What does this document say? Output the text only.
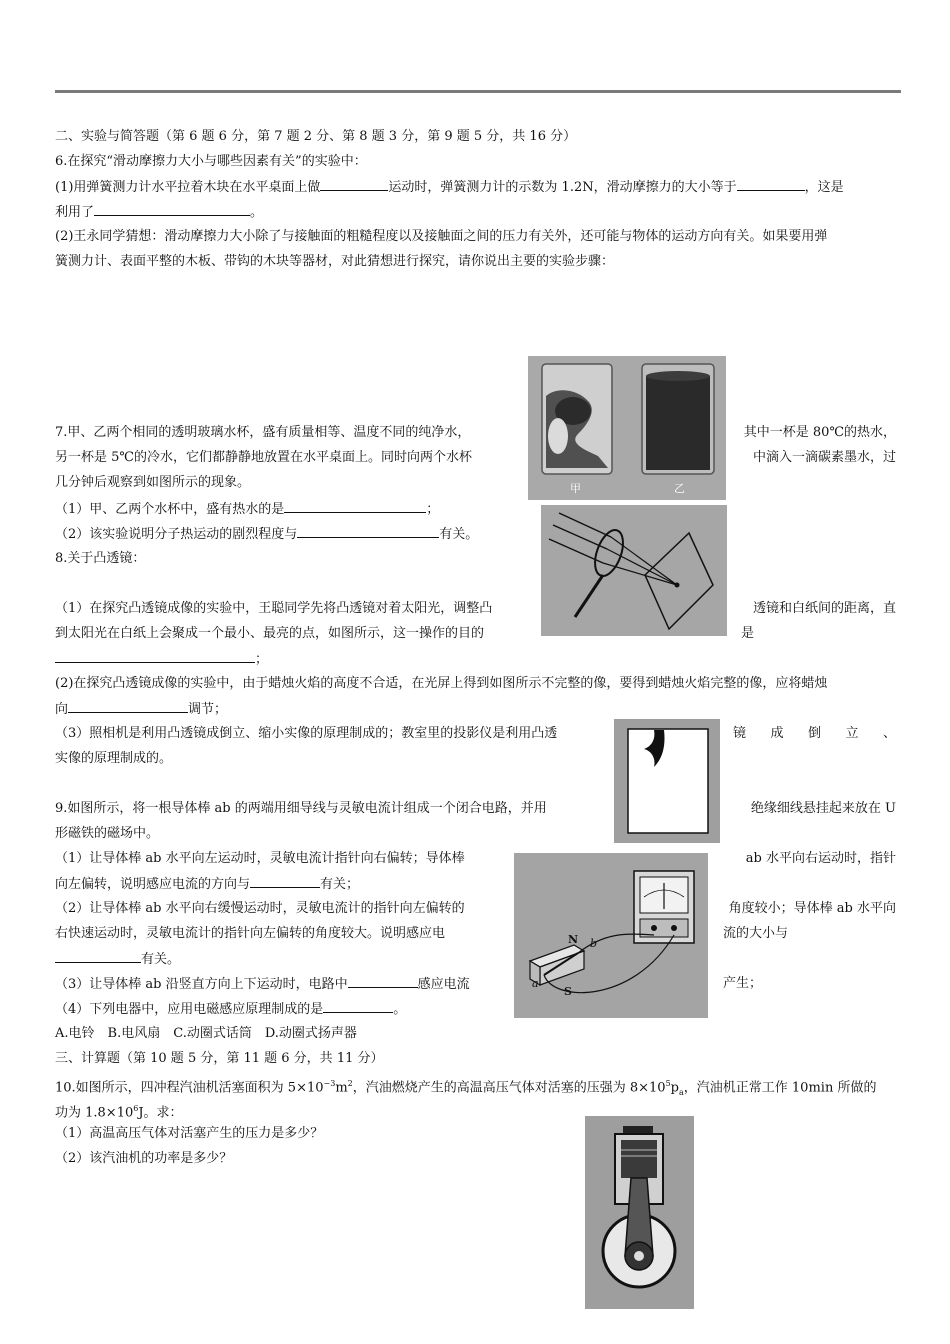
二、实验与简答题（第 6 题 6 分，第 7 题 2 分、第 8 题 3 分，第 9 题 5 分，共 16 分）
6.在探究“滑动摩擦力大小与哪些因素有关”的实验中：
(1)用弹簧测力计水平拉着木块在水平桌面上做	运动时，弹簧测力计的示数为 1.2N，滑动摩擦力的大小等于	，这是
利用了	。
(2)王永同学猜想：滑动摩擦力大小除了与接触面的粗糙程度以及接触面之间的压力有关外，还可能与物体的运动方向有关。如果要用弹
簧测力计、表面平整的木板、带钩的木块等器材，对此猜想进行探究，请你说出主要的实验步骤：
甲	乙
7.甲、乙两个相同的透明玻璃水杯，盛有质量相等、温度不同的纯净水，	其中一杯是 80℃的热水，
另一杯是 5℃的冷水，它们都静静地放置在水平桌面上。同时向两个水杯	中滴入一滴碳素墨水，过
几分钟后观察到如图所示的现象。
（1）甲、乙两个水杯中，盛有热水的是	；
（2）该实验说明分子热运动的剧烈程度与	有关。
8.关于凸透镜：
（1）在探究凸透镜成像的实验中，王聪同学先将凸透镜对着太阳光，调整凸	透镜和白纸间的距离，直
到太阳光在白纸上会聚成一个最小、最亮的点，如图所示，这一操作的目的	是
；
(2)在探究凸透镜成像的实验中，由于蜡烛火焰的高度不合适，在光屏上得到如图所示不完整的像，要得到蜡烛火焰完整的像，应将蜡烛
向	调节；
（3）照相机是利用凸透镜成倒立、缩小实像的原理制成的；教室里的投影仪是利用凸透	镜 成 倒 立 、
实像的原理制成的。
9.如图所示，将一根导体棒 ab 的两端用细导线与灵敏电流计组成一个闭合电路，并用	绝缘细线悬挂起来放在 U
形磁铁的磁场中。
（1）让导体棒 ab 水平向左运动时，灵敏电流计指针向右偏转；导体棒	ab 水平向右运动时，指针
向左偏转，说明感应电流的方向与	有关；
N b
S
a
（2）让导体棒 ab 水平向右缓慢运动时，灵敏电流计的指针向左偏转的	角度较小；导体棒 ab 水平向
右快速运动时，灵敏电流计的指针向左偏转的角度较大。说明感应电	流的大小与
有关。
（3）让导体棒 ab 沿竖直方向上下运动时，电路中	感应电流	产生；
（4）下列电器中，应用电磁感应原理制成的是	。
A.电铃　B.电风扇　C.动圈式话筒　D.动圈式扬声器
三、计算题（第 10 题 5 分，第 11 题 6 分，共 11 分）
10.如图所示，四冲程汽油机活塞面积为 $5\times 10^{-3}m^2$，汽油燃烧产生的高温高压气体对活塞的压强为 $8\times 10^5p_a$，汽油机正常工作 10min 所做的
功为 $1.8\times 10^6J$。求：
（1）高温高压气体对活塞产生的压力是多少？
（2）该汽油机的功率是多少？
